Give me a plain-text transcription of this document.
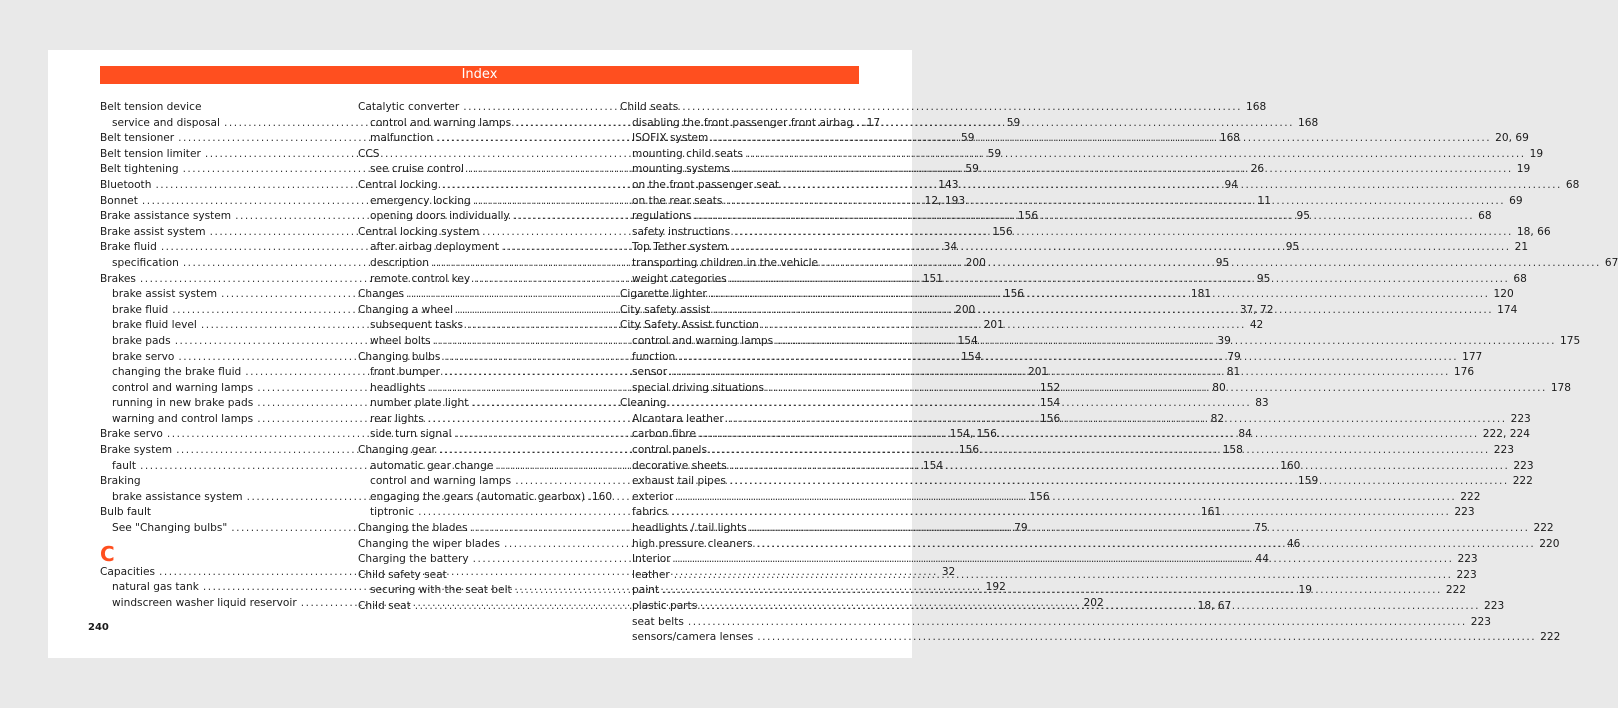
Index
Belt tension device
service and disposal .....	59
Belt tensioner .....	59
Belt tension limiter .....	59
Belt tightening .....	59
Bluetooth .....	143
Bonnet .....	12, 193
Brake assistance system .....	156
Brake assist system .....	156
Brake fluid .....	34
specification .....	200
Brakes .....	151
brake assist system .....	156
brake fluid .....	200
brake fluid level .....	201
brake pads .....	154
brake servo .....	154
changing the brake fluid .....	201
control and warning lamps .....	152
running in new brake pads .....	154
warning and control lamps .....	156
Brake servo .....	154, 156
Brake system .....	156
fault .....	154
Braking
brake assistance system .....	156
Bulb fault
See "Changing bulbs" .....	79
C
Capacities .....	32
natural gas tank .....	192
windscreen washer liquid reservoir .....	202
Catalytic converter .....	168
control and warning lamps .....	168
malfunction .....	168
CCS
see cruise control .....	26
Central locking .....	94
emergency locking .....	11
opening doors individually .....	95
Central locking system
after airbag deployment .....	95
description .....	95
remote control key .....	95
Changes .....	181
Changing a wheel .....	37, 72
subsequent tasks .....	42
wheel bolts .....	39
Changing bulbs .....	79
front bumper .....	81
headlights .....	80
number plate light .....	83
rear lights .....	82
side turn signal .....	84
Changing gear .....	158
automatic gear change .....	160
control and warning lamps .....	159
engaging the gears (automatic gearbox) . 160
tiptronic .....	161
Changing the blades .....	75
Changing the wiper blades .....	46
Charging the battery .....	44
Child safety seat
securing with the seat belt .....	19
Child seat .....	18, 67
Child seats
disabling the front passenger front airbag . . 17
ISOFIX system .....	20, 69
mounting child seats .....	19
mounting systems .....	19
on the front passenger seat .....	68
on the rear seats .....	69
regulations .....	68
safety instructions .....	18, 66
Top Tether system .....	21
transporting children in the vehicle .....	67
weight categories .....	68
Cigarette lighter .....	120
City safety assist .....	174
City Safety Assist function
control and warning lamps .....	175
function .....	177
sensor .....	176
special driving situations .....	178
Cleaning
Alcantara leather .....	223
carbon fibre .....	222, 224
control panels .....	223
decorative sheets .....	223
exhaust tail pipes .....	222
exterior .....	222
fabrics .....	223
headlights / tail lights .....	222
high pressure cleaners .....	220
Interior .....	223
leather .....	223
paint .....	222
plastic parts .....	223
seat belts .....	223
sensors/camera lenses .....	222
240
